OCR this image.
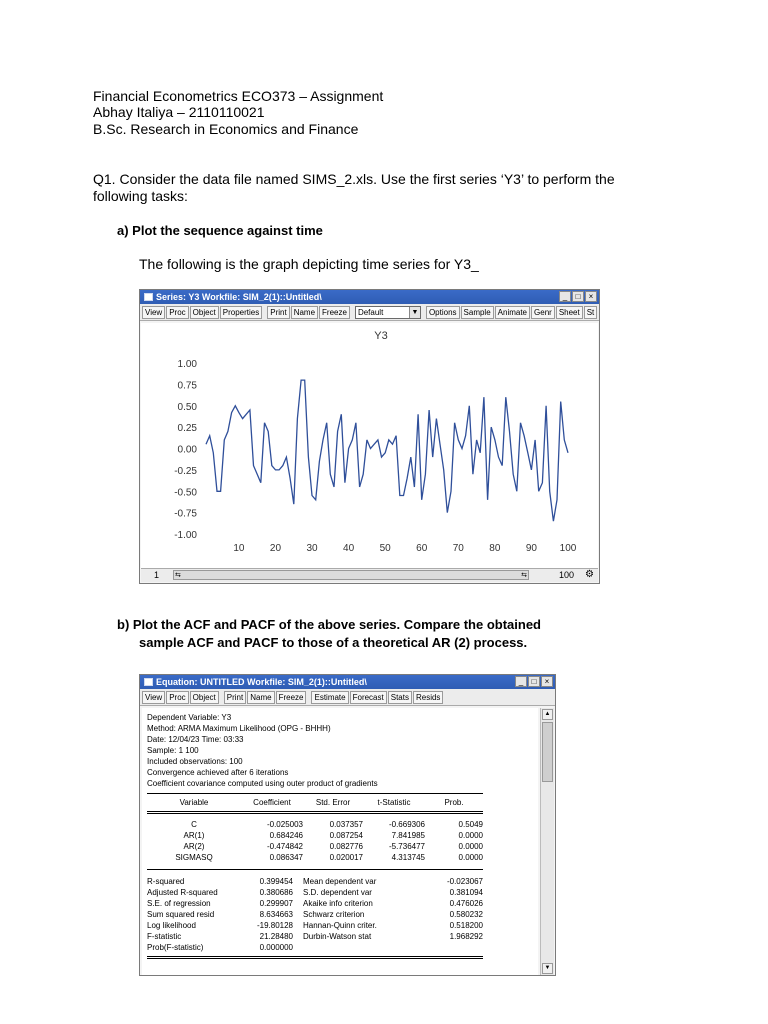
Financial Econometrics ECO373 – Assignment
Abhay Italiya – 2110110021
B.Sc. Research in Economics and Finance
Q1. Consider the data file named SIMS_2.xls. Use the first series ‘Y3’ to perform the
following tasks:
a) Plot the sequence against time
The following is the graph depicting time series for Y3_
Series: Y3 Workfile: SIM_2(1)::Untitled\	_	□	×
View Proc Object Properties	Print Name Freeze	Default	▼	Options Sample Animate Genr Sheet St
Y3
1.00
0.75
0.50
0.25
0.00
-0.25
-0.50
-0.75
-1.00
10	20	30	40	50	60	70	80	90 100
1 ⇆	⇆	100 ⚙
b) Plot the ACF and PACF of the above series. Compare the obtained
sample ACF and PACF to those of a theoretical AR (2) process.
Equation: UNTITLED Workfile: SIM_2(1)::Untitled\	_	□	×
View Proc Object	Print Name Freeze	Estimate Forecast Stats Resids
Dependent Variable: Y3
Method: ARMA Maximum Likelihood (OPG - BHHH)
Date: 12/04/23 Time: 03:33
Sample: 1 100
Included observations: 100
Convergence achieved after 6 iterations
Coefficient covariance computed using outer product of gradients
Variable	Coefficient	Std. Error	t-Statistic	Prob.
C	-0.025003	0.037357	-0.669306	0.5049
AR(1)	0.684246	0.087254	7.841985	0.0000
AR(2)	-0.474842	0.082776	-5.736477	0.0000
SIGMASQ	0.086347	0.020017	4.313745	0.0000
R-squared	0.399454	Mean dependent var	-0.023067
Adjusted R-squared	0.380686	S.D. dependent var	0.381094
S.E. of regression	0.299907	Akaike info criterion	0.476026
Sum squared resid	8.634663	Schwarz criterion	0.580232
Log likelihood	-19.80128	Hannan-Quinn criter.	0.518200
F-statistic	21.28480	Durbin-Watson stat	1.968292
Prob(F-statistic)	0.000000		
▲
▼
